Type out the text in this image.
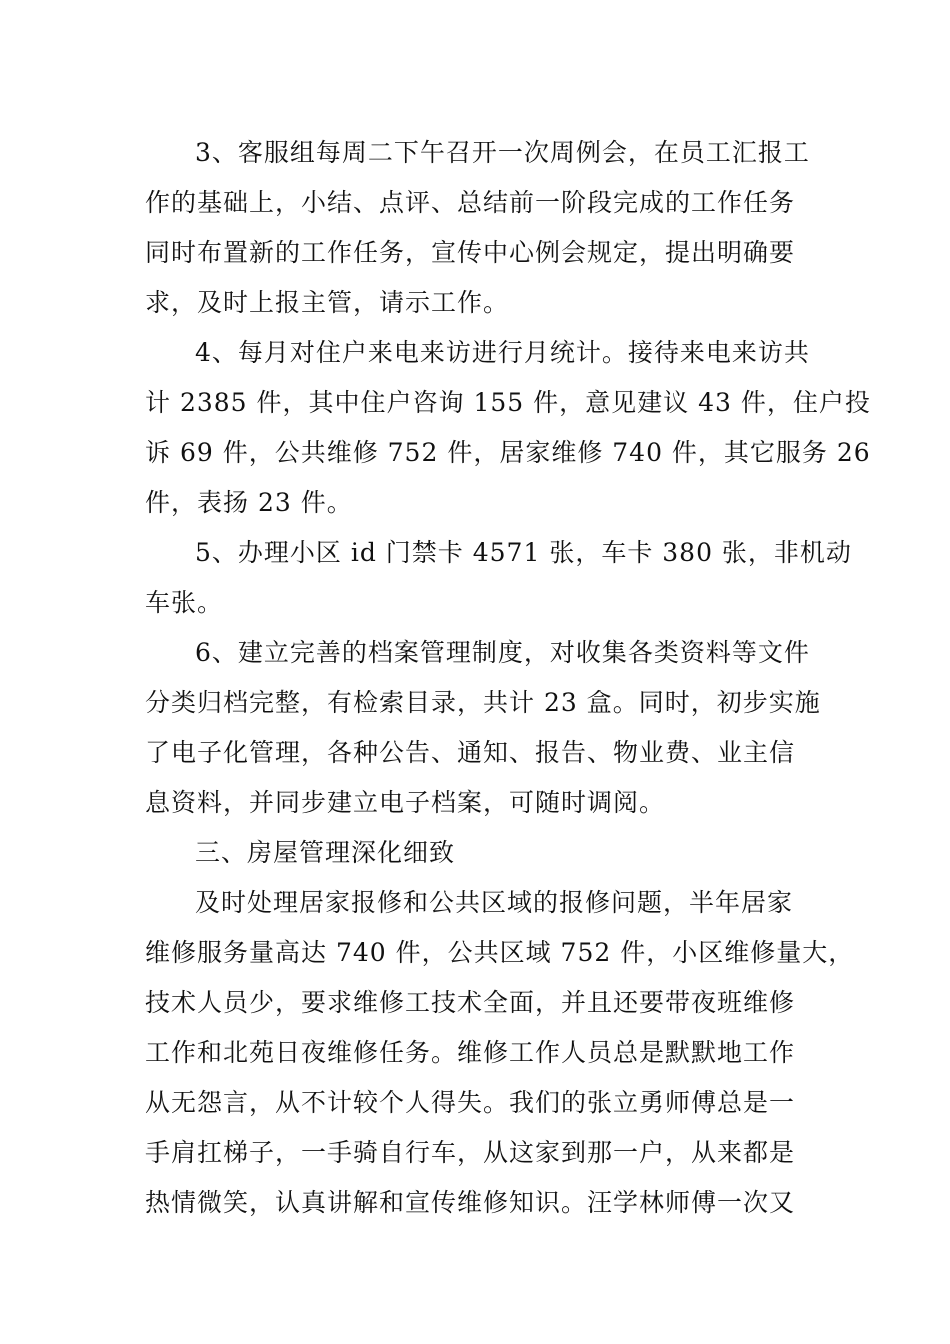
3、客服组每周二下午召开一次周例会，在员工汇报工
作的基础上，小结、点评、总结前一阶段完成的工作任务
同时布置新的工作任务，宣传中心例会规定，提出明确要
求，及时上报主管，请示工作。
4、每月对住户来电来访进行月统计。接待来电来访共
计 2385 件，其中住户咨询 155 件，意见建议 43 件，住户投
诉 69 件，公共维修 752 件，居家维修 740 件，其它服务 26
件，表扬 23 件。
5、办理小区 id 门禁卡 4571 张，车卡 380 张，非机动
车张。
6、建立完善的档案管理制度，对收集各类资料等文件
分类归档完整，有检索目录，共计 23 盒。同时，初步实施
了电子化管理，各种公告、通知、报告、物业费、业主信
息资料，并同步建立电子档案，可随时调阅。
三、房屋管理深化细致
及时处理居家报修和公共区域的报修问题，半年居家
维修服务量高达 740 件，公共区域 752 件，小区维修量大，
技术人员少，要求维修工技术全面，并且还要带夜班维修
工作和北苑日夜维修任务。维修工作人员总是默默地工作
从无怨言，从不计较个人得失。我们的张立勇师傅总是一
手肩扛梯子，一手骑自行车，从这家到那一户，从来都是
热情微笑，认真讲解和宣传维修知识。汪学林师傅一次又
